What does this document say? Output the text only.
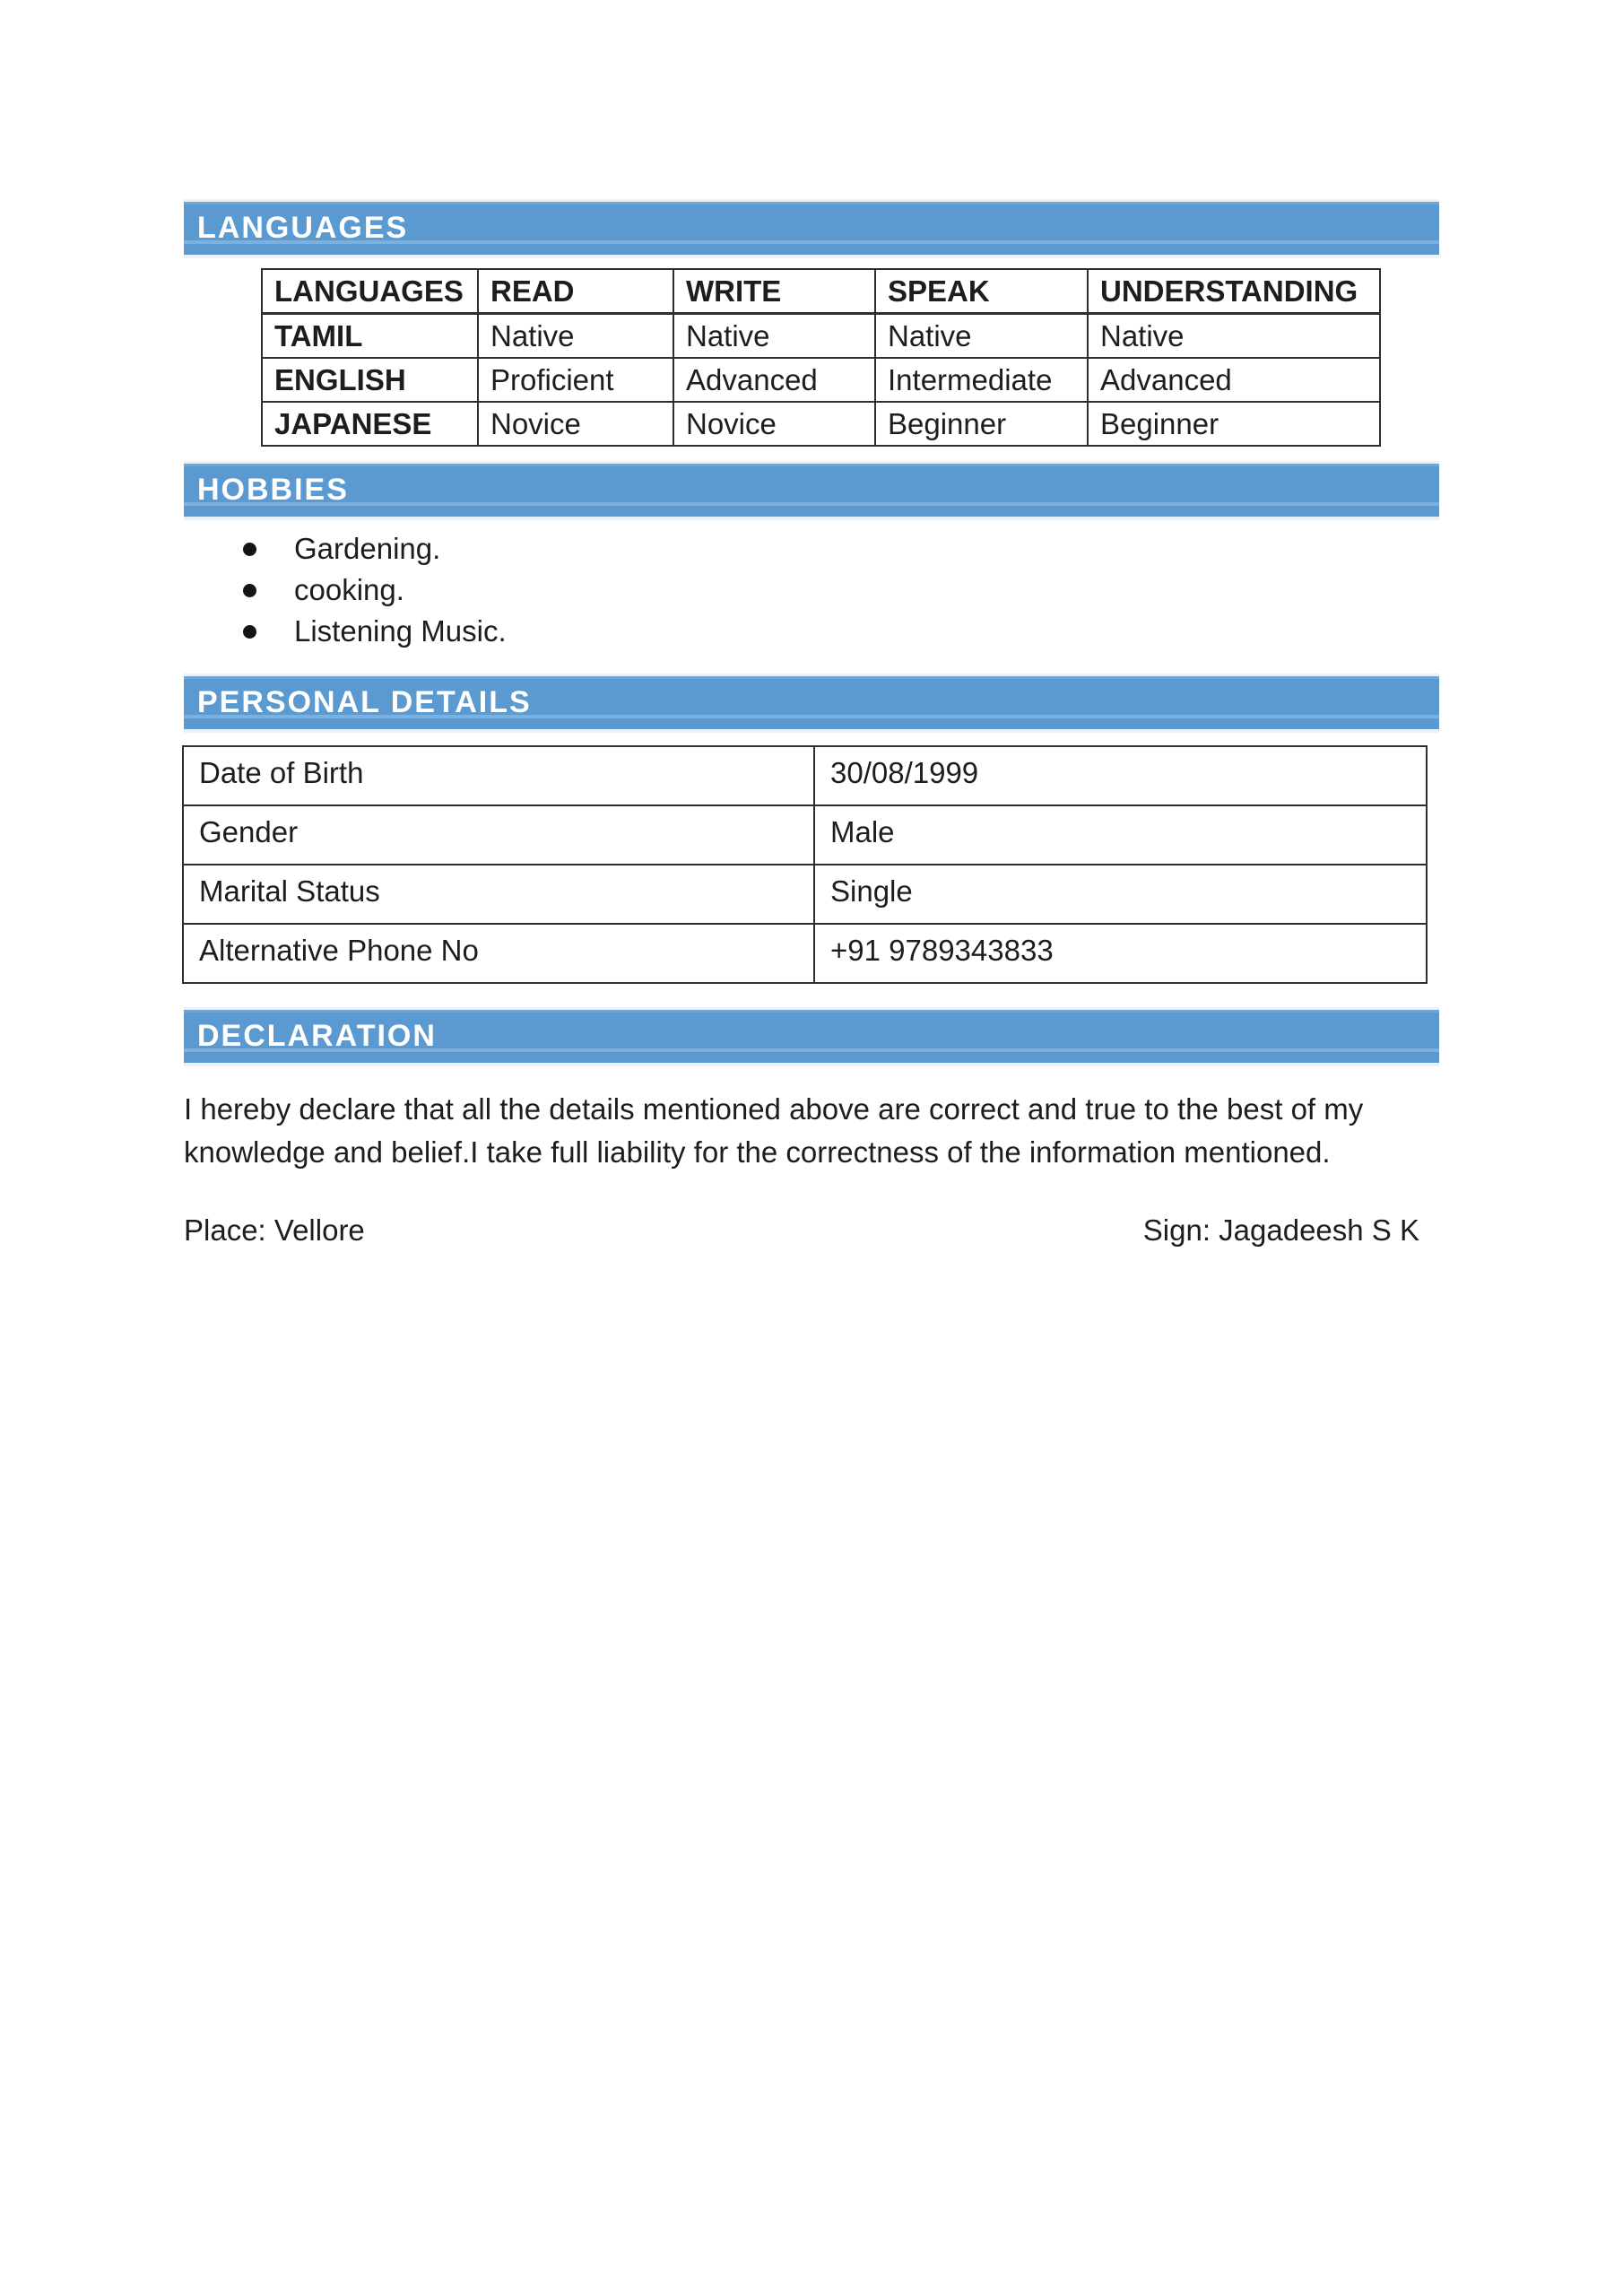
LANGUAGES
LANGUAGES	READ	WRITE	SPEAK	UNDERSTANDING
TAMIL	Native	Native	Native	Native
ENGLISH	Proficient	Advanced	Intermediate	Advanced
JAPANESE	Novice	Novice	Beginner	Beginner
HOBBIES
Gardening.
cooking.
Listening Music.
PERSONAL DETAILS
Date of Birth	30/08/1999
Gender	Male
Marital Status	Single
Alternative Phone No	+91 9789343833
DECLARATION

I hereby declare that all the details mentioned above are correct and true to the best of my knowledge and belief.I take full liability for the correctness of the information mentioned.

Place: Vellore	Sign: Jagadeesh S K
